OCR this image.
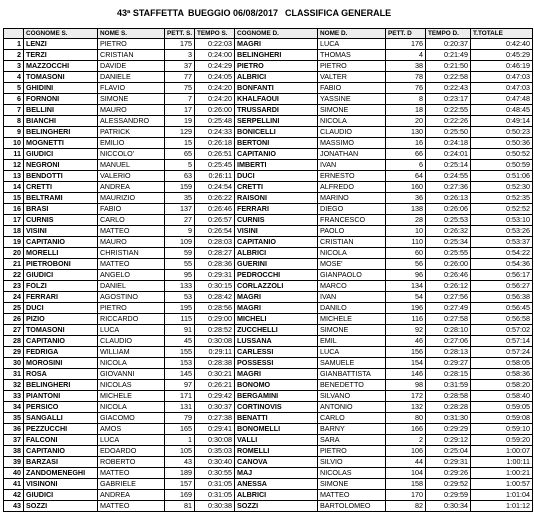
43ª STAFFETTA BUEGGIO 06/08/2017 CLASSIFICA GENERALE
	COGNOME S.	NOME S.	PETT. S.	TEMPO S.	COGNOME D.	NOME D.	PETT. D	TEMPO D.	T.TOTALE
1	LENZI	PIETRO	175	0:22:03	MAGRI	LUCA	176	0:20:37	0:42:40
2	TERZI	CRISTIAN	3	0:24:00	BELINGHERI	THOMAS	4	0:21:49	0:45:29
3	MAZZOCCHI	DAVIDE	37	0:24:29	PIETRO	PIETRO	38	0:21:50	0:46:19
4	TOMASONI	DANIELE	77	0:24:05	ALBRICI	VALTER	78	0:22:58	0:47:03
5	GHIDINI	FLAVIO	75	0:24:20	BONFANTI	FABIO	76	0:22:43	0:47:03
6	FORNONI	SIMONE	7	0:24:20	KHALFAOUI	YASSINE	8	0:23:17	0:47:48
7	BELLINI	MAURO	17	0:26:00	TRUSSARDI	SIMONE	18	0:22:55	0:48:45
8	BIANCHI	ALESSANDRO	19	0:25:48	SERPELLINI	NICOLA	20	0:22:26	0:49:14
9	BELINGHERI	PATRICK	129	0:24:33	BONICELLI	CLAUDIO	130	0:25:50	0:50:23
10	MOGNETTI	EMILIO	15	0:26:18	BERTONI	MASSIMO	16	0:24:18	0:50:36
11	GIUDICI	NICCOLO'	65	0:26:51	CAPITANIO	JONATHAN	66	0:24:01	0:50:52
12	NEGRONI	MANUEL	5	0:25:45	IMBERTI	IVAN	6	0:25:14	0:50:59
13	BENDOTTI	VALERIO	63	0:26:11	DUCI	ERNESTO	64	0:24:55	0:51:06
14	CRETTI	ANDREA	159	0:24:54	CRETTI	ALFREDO	160	0:27:36	0:52:30
15	BELTRAMI	MAURIZIO	35	0:26:22	RAISONI	MARINO	36	0:26:13	0:52:35
16	BRASI	FABIO	137	0:26:46	FERRARI	DIEGO	138	0:26:06	0:52:52
17	CURNIS	CARLO	27	0:26:57	CURNIS	FRANCESCO	28	0:25:53	0:53:10
18	VISINI	MATTEO	9	0:26:54	VISINI	PAOLO	10	0:26:32	0:53:26
19	CAPITANIO	MAURO	109	0:28:03	CAPITANIO	CRISTIAN	110	0:25:34	0:53:37
20	MORELLI	CHRISTIAN	59	0:28:27	ALBRICI	NICOLA	60	0:25:55	0:54:22
21	PIETROBONI	MATTEO	55	0:28:36	GUERINI	MOSE'	56	0:26:00	0:54:36
22	GIUDICI	ANGELO	95	0:29:31	PEDROCCHI	GIANPAOLO	96	0:26:46	0:56:17
23	FOLZI	DANIEL	133	0:30:15	CORLAZZOLI	MARCO	134	0:26:12	0:56:27
24	FERRARI	AGOSTINO	53	0:28:42	MAGRI	IVAN	54	0:27:56	0:56:38
25	DUCI	PIETRO	195	0:28:56	MAGRI	DANILO	196	0:27:49	0:56:45
26	PIZIO	RICCARDO	115	0:29:00	MICHELI	MICHELE	116	0:27:58	0:56:58
27	TOMASONI	LUCA	91	0:28:52	ZUCCHELLI	SIMONE	92	0:28:10	0:57:02
28	CAPITANIO	CLAUDIO	45	0:30:08	LUSSANA	EMIL	46	0:27:06	0:57:14
29	FEDRIGA	WILLIAM	155	0:29:11	CARLESSI	LUCA	156	0:28:13	0:57:24
30	MOROSINI	NICOLA	153	0:28:38	POSSESSI	SAMUELE	154	0:29:27	0:58:05
31	ROSA	GIOVANNI	145	0:30:21	MAGRI	GIANBATTISTA	146	0:28:15	0:58:36
32	BELINGHERI	NICOLAS	97	0:26:21	BONOMO	BENEDETTO	98	0:31:59	0:58:20
33	PIANTONI	MICHELE	171	0:29:42	BERGAMINI	SILVANO	172	0:28:58	0:58:40
34	PERSICO	NICOLA	131	0:30:37	CORTINOVIS	ANTONIO	132	0:28:28	0:59:05
35	SANGALLI	GIACOMO	79	0:27:38	BENATTI	CARLO	80	0:31:30	0:59:08
36	PEZZUCCHI	AMOS	165	0:29:41	BONOMELLI	BARNY	166	0:29:29	0:59:10
37	FALCONI	LUCA	1	0:30:08	VALLI	SARA	2	0:29:12	0:59:20
38	CAPITANIO	EDOARDO	105	0:35:03	ROMELLI	PIETRO	106	0:25:04	1:00:07
39	BARZASI	ROBERTO	43	0:30:40	CANOVA	SILVIO	44	0:29:31	1:00:11
40	ZANDOMENEGHI	MATTEO	189	0:30:55	MAJ	NICOLAS	104	0:29:26	1:00:21
41	VISINONI	GABRIELE	157	0:31:05	ANESSA	SIMONE	158	0:29:52	1:00:57
42	GIUDICI	ANDREA	169	0:31:05	ALBRICI	MATTEO	170	0:29:59	1:01:04
43	SOZZI	MATTEO	81	0:30:38	SOZZI	BARTOLOMEO	82	0:30:34	1:01:12
